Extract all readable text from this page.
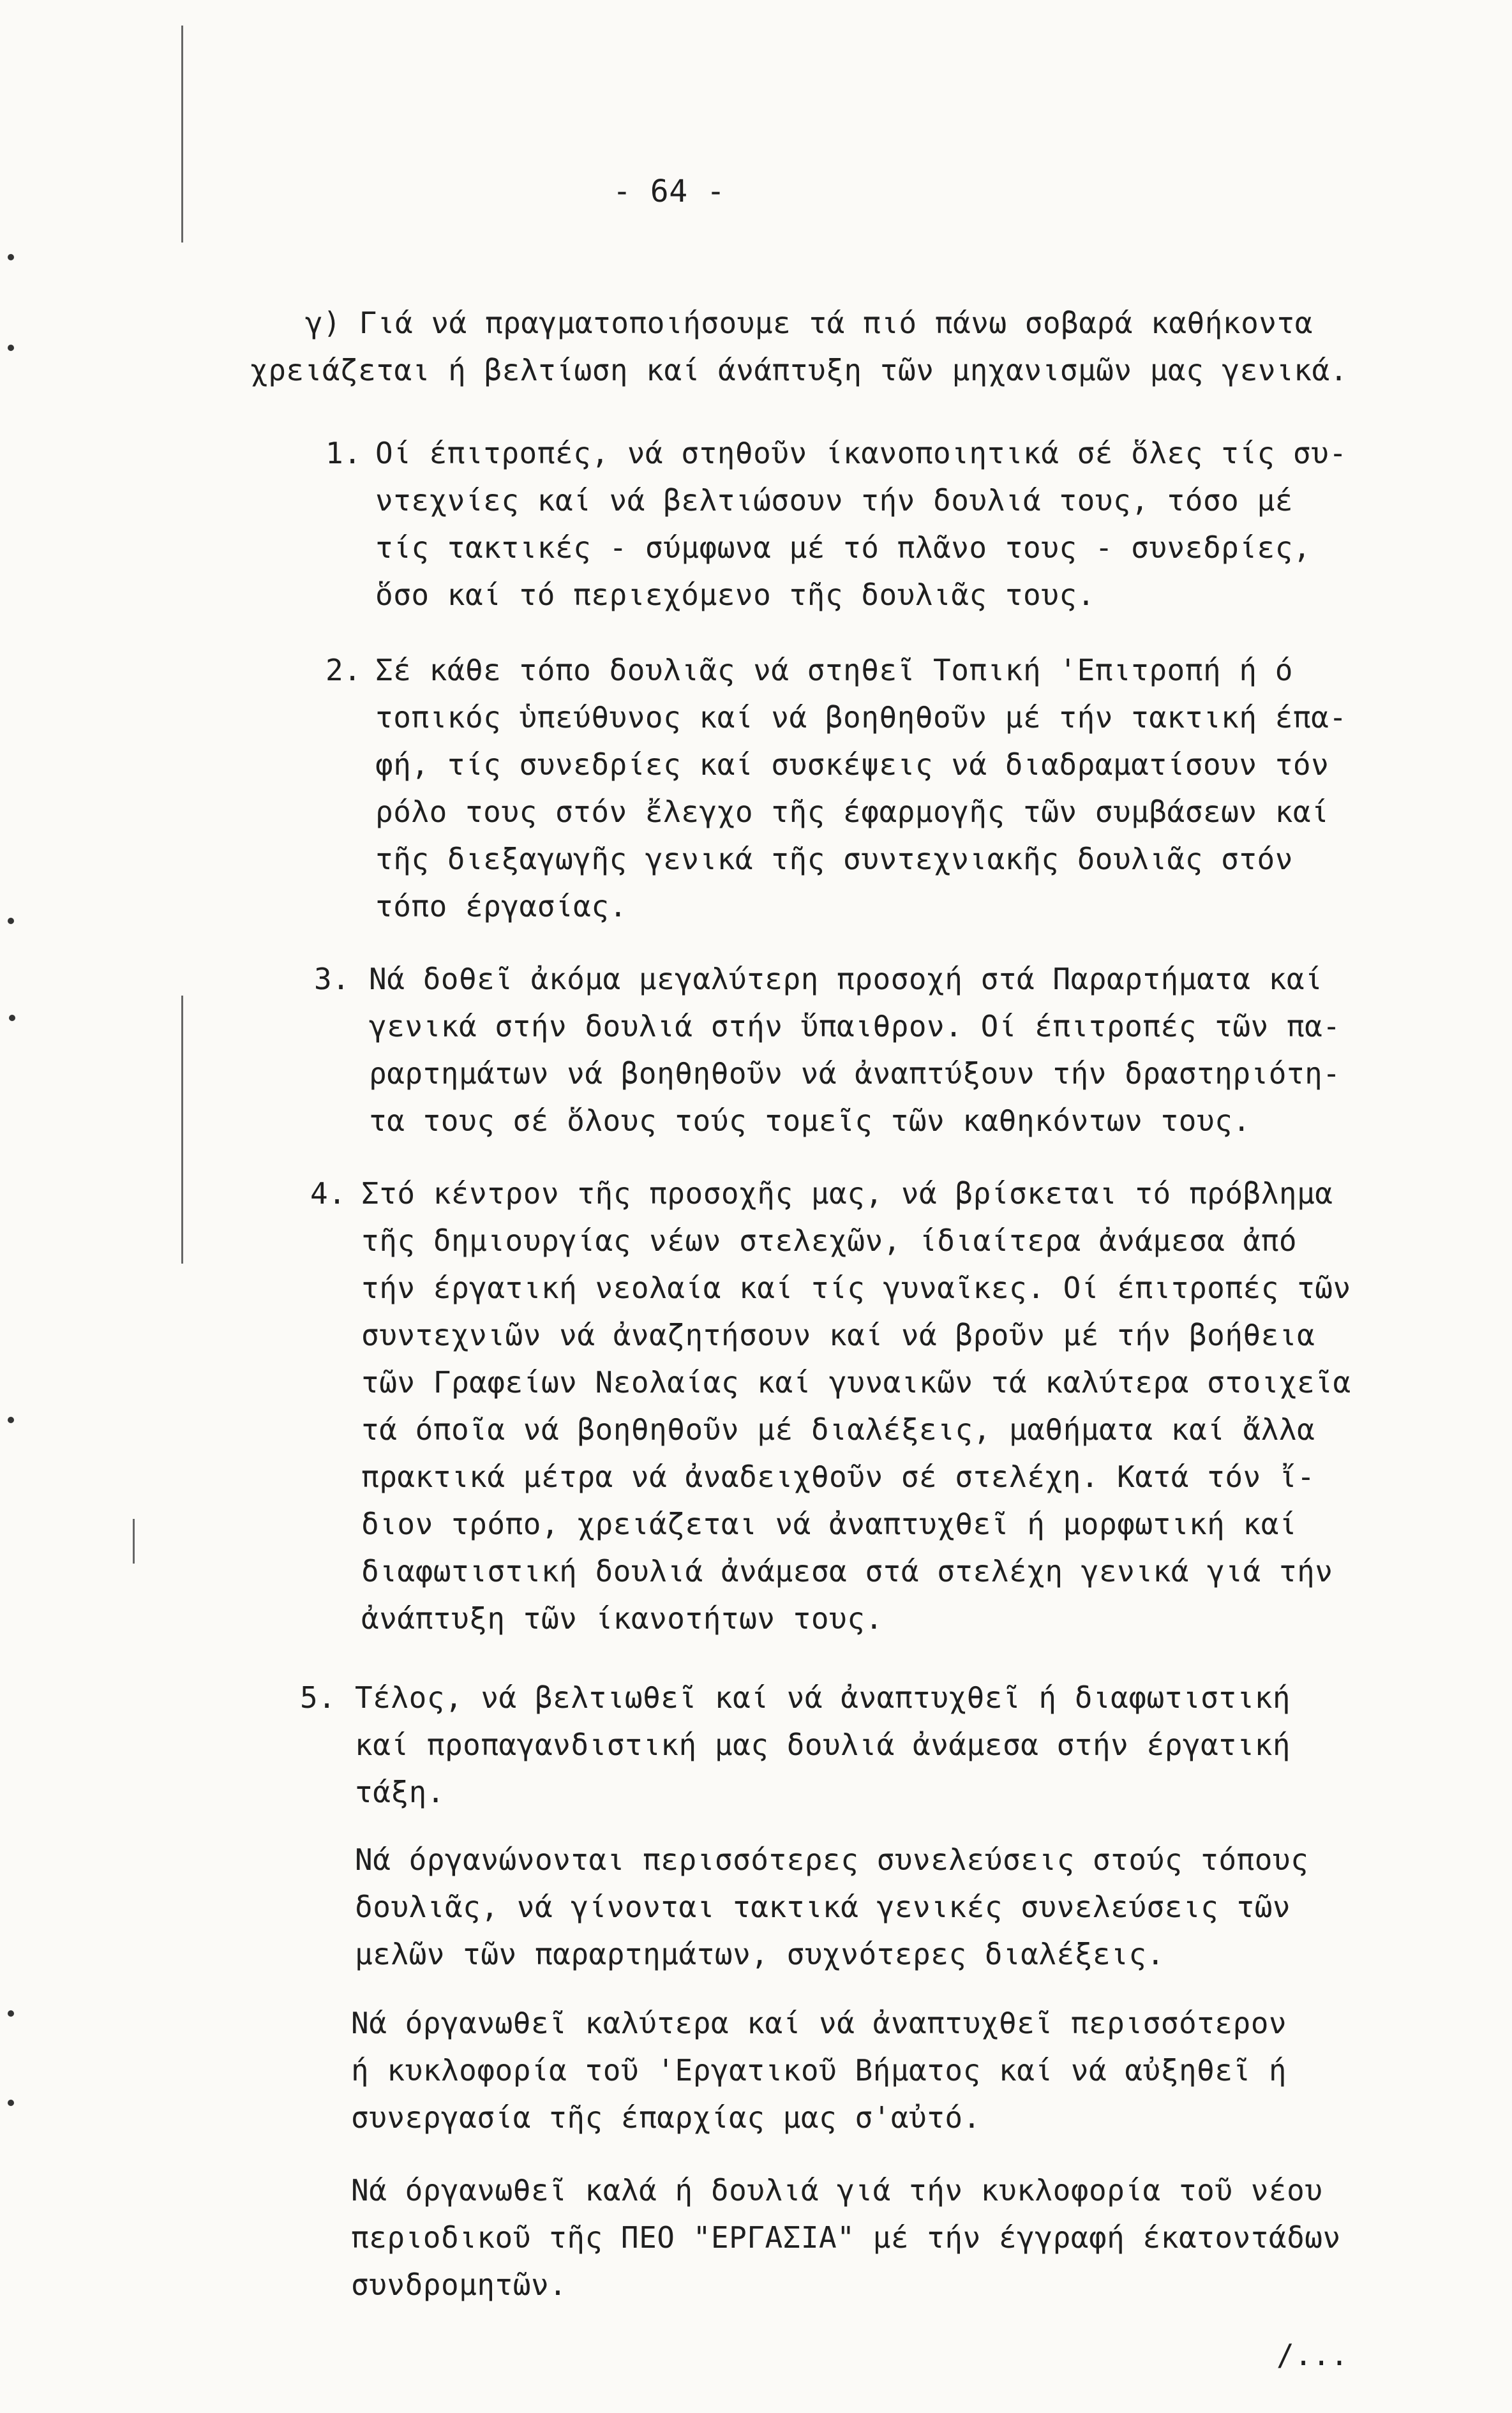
- 64 -
γ) Γιά νά πραγματοποιήσουμε τά πιό πάνω σοβαρά καθήκοντα
χρειάζεται ή βελτίωση καί άνάπτυξη τῶν μηχανισμῶν μας γενικά.
1. Οί έπιτροπές, νά στηθοῦν ίκανοποιητικά σέ ὅλες τίς συ-
ντεχνίες καί νά βελτιώσουν τήν δουλιά τους, τόσο μέ
τίς τακτικές - σύμφωνα μέ τό πλᾶνο τους - συνεδρίες,
ὅσο καί τό περιεχόμενο τῆς δουλιᾶς τους.
2. Σέ κάθε τόπο δουλιᾶς νά στηθεῖ Τοπική 'Επιτροπή ή ό
τοπικός ὑπεύθυνος καί νά βοηθηθοῦν μέ τήν τακτική έπα-
φή, τίς συνεδρίες καί συσκέψεις νά διαδραματίσουν τόν
ρόλο τους στόν ἔλεγχο τῆς έφαρμογῆς τῶν συμβάσεων καί
τῆς διεξαγωγῆς γενικά τῆς συντεχνιακῆς δουλιᾶς στόν
τόπο έργασίας.
3. Νά δοθεῖ ἀκόμα μεγαλύτερη προσοχή στά Παραρτήματα καί
γενικά στήν δουλιά στήν ὕπαιθρον. Οί έπιτροπές τῶν πα-
ραρτημάτων νά βοηθηθοῦν νά ἀναπτύξουν τήν δραστηριότη-
τα τους σέ ὅλους τούς τομεῖς τῶν καθηκόντων τους.
4. Στό κέντρον τῆς προσοχῆς μας, νά βρίσκεται τό πρόβλημα
τῆς δημιουργίας νέων στελεχῶν, ίδιαίτερα ἀνάμεσα ἀπό
τήν έργατική νεολαία καί τίς γυναῖκες. Οί έπιτροπές τῶν
συντεχνιῶν νά ἀναζητήσουν καί νά βροῦν μέ τήν βοήθεια
τῶν Γραφείων Νεολαίας καί γυναικῶν τά καλύτερα στοιχεῖα
τά όποῖα νά βοηθηθοῦν μέ διαλέξεις, μαθήματα καί ἄλλα
πρακτικά μέτρα νά ἀναδειχθοῦν σέ στελέχη. Κατά τόν ἴ-
διον τρόπο, χρειάζεται νά ἀναπτυχθεῖ ή μορφωτική καί
διαφωτιστική δουλιά ἀνάμεσα στά στελέχη γενικά γιά τήν
ἀνάπτυξη τῶν ίκανοτήτων τους.
5. Τέλος, νά βελτιωθεῖ καί νά ἀναπτυχθεῖ ή διαφωτιστική
καί προπαγανδιστική μας δουλιά ἀνάμεσα στήν έργατική
τάξη.
Νά όργανώνονται περισσότερες συνελεύσεις στούς τόπους
δουλιᾶς, νά γίνονται τακτικά γενικές συνελεύσεις τῶν
μελῶν τῶν παραρτημάτων, συχνότερες διαλέξεις.
Νά όργανωθεῖ καλύτερα καί νά ἀναπτυχθεῖ περισσότερον
ή κυκλοφορία τοῦ 'Εργατικοῦ Βήματος καί νά αὐξηθεῖ ή
συνεργασία τῆς έπαρχίας μας σ'αὐτό.
Νά όργανωθεῖ καλά ή δουλιά γιά τήν κυκλοφορία τοῦ νέου
περιοδικοῦ τῆς ΠΕΟ "ΕΡΓΑΣΙΑ" μέ τήν έγγραφή έκατοντάδων
συνδρομητῶν.
/...
